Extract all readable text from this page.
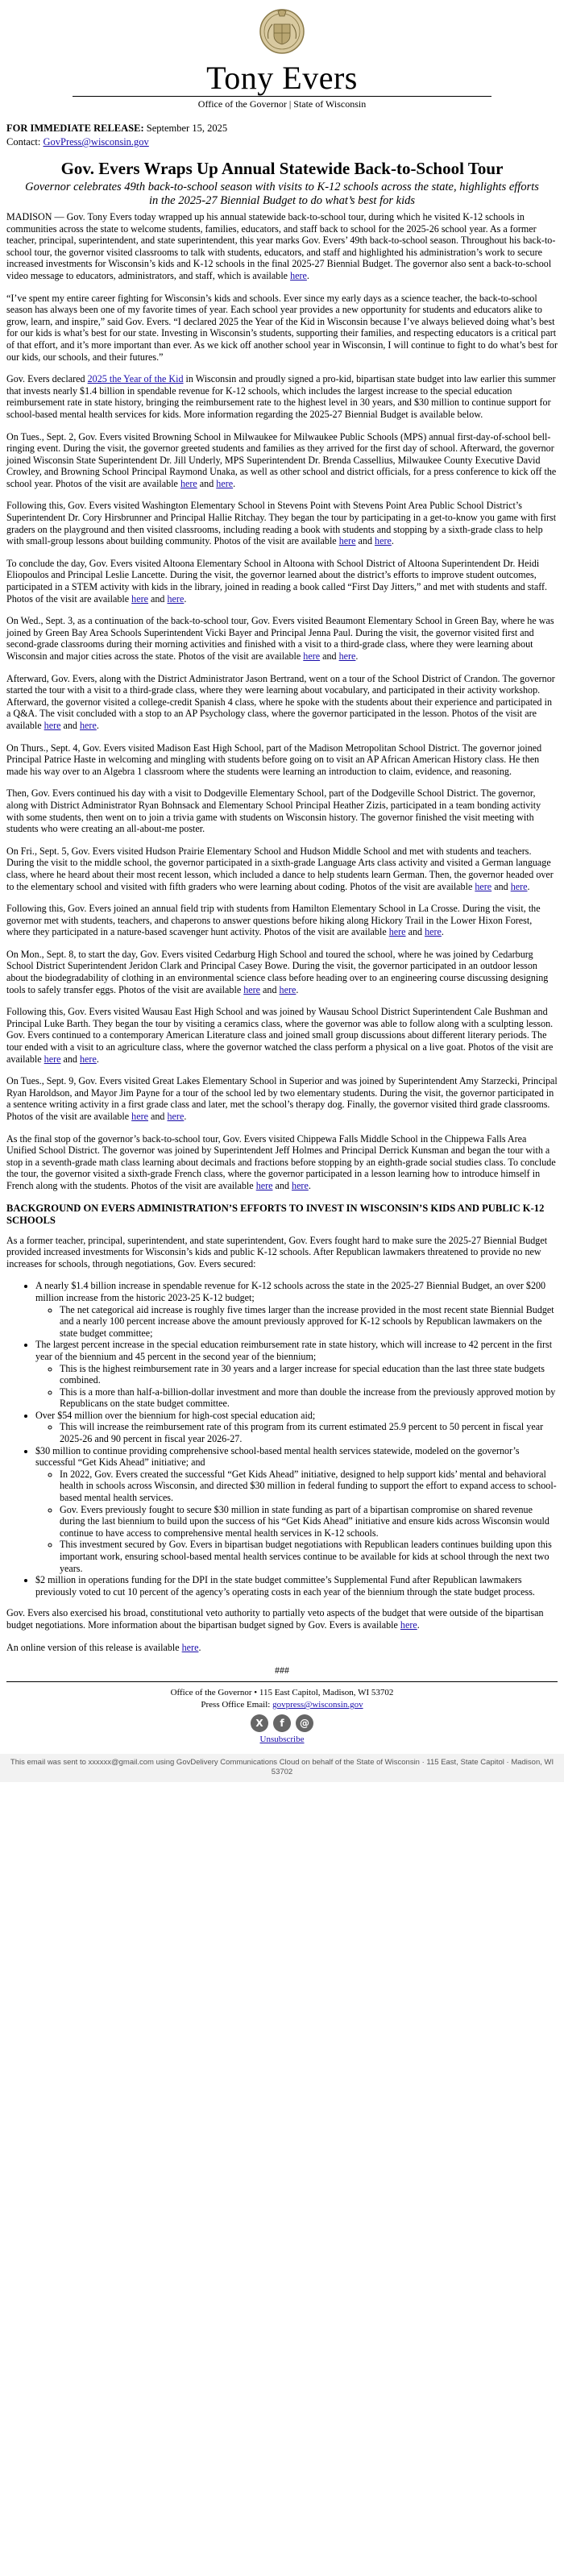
Tony Evers
Office of the Governor | State of Wisconsin
FOR IMMEDIATE RELEASE: September 15, 2025
Contact: GovPress@wisconsin.gov
Gov. Evers Wraps Up Annual Statewide Back-to-School Tour
Governor celebrates 49th back-to-school season with visits to K-12 schools across the state, highlights efforts in the 2025-27 Biennial Budget to do what’s best for kids

MADISON — Gov. Tony Evers today wrapped up his annual statewide back-to-school tour, during which he visited K-12 schools in communities across the state to welcome students, families, educators, and staff back to school for the 2025-26 school year. As a former teacher, principal, superintendent, and state superintendent, this year marks Gov. Evers’ 49th back-to-school season. Throughout his back-to-school tour, the governor visited classrooms to talk with students, educators, and staff and highlighted his administration’s work to secure increased investments for Wisconsin’s kids and K-12 schools in the final 2025-27 Biennial Budget. The governor also sent a back-to-school video message to educators, administrators, and staff, which is available here.

“I’ve spent my entire career fighting for Wisconsin’s kids and schools. Ever since my early days as a science teacher, the back-to-school season has always been one of my favorite times of year. Each school year provides a new opportunity for students and educators alike to grow, learn, and inspire,” said Gov. Evers. “I declared 2025 the Year of the Kid in Wisconsin because I’ve always believed doing what’s best for our kids is what’s best for our state. Investing in Wisconsin’s students, supporting their families, and respecting educators is a critical part of that effort, and it’s more important than ever. As we kick off another school year in Wisconsin, I will continue to fight to do what’s best for our kids, our schools, and their futures.”

Gov. Evers declared 2025 the Year of the Kid in Wisconsin and proudly signed a pro-kid, bipartisan state budget into law earlier this summer that invests nearly $1.4 billion in spendable revenue for K-12 schools, which includes the largest increase to the special education reimbursement rate in state history, bringing the reimbursement rate to the highest level in 30 years, and $30 million to continue support for school-based mental health services for kids. More information regarding the 2025-27 Biennial Budget is available below.

On Tues., Sept. 2, Gov. Evers visited Browning School in Milwaukee for Milwaukee Public Schools (MPS) annual first-day-of-school bell-ringing event. During the visit, the governor greeted students and families as they arrived for the first day of school. Afterward, the governor joined Wisconsin State Superintendent Dr. Jill Underly, MPS Superintendent Dr. Brenda Cassellius, Milwaukee County Executive David Crowley, and Browning School Principal Raymond Unaka, as well as other school and district officials, for a press conference to kick off the school year. Photos of the visit are available here and here.

Following this, Gov. Evers visited Washington Elementary School in Stevens Point with Stevens Point Area Public School District’s Superintendent Dr. Cory Hirsbrunner and Principal Hallie Ritchay. They began the tour by participating in a get-to-know you game with first graders on the playground and then visited classrooms, including reading a book with students and stopping by a sixth-grade class to help with small-group lessons about building community. Photos of the visit are available here and here.

To conclude the day, Gov. Evers visited Altoona Elementary School in Altoona with School District of Altoona Superintendent Dr. Heidi Eliopoulos and Principal Leslie Lancette. During the visit, the governor learned about the district’s efforts to improve student outcomes, participated in a STEM activity with kids in the library, joined in reading a book called “First Day Jitters,” and met with students and staff. Photos of the visit are available here and here.

On Wed., Sept. 3, as a continuation of the back-to-school tour, Gov. Evers visited Beaumont Elementary School in Green Bay, where he was joined by Green Bay Area Schools Superintendent Vicki Bayer and Principal Jenna Paul. During the visit, the governor visited first and second-grade classrooms during their morning activities and finished with a visit to a third-grade class, where they were learning about Wisconsin and major cities across the state. Photos of the visit are available here and here.

Afterward, Gov. Evers, along with the District Administrator Jason Bertrand, went on a tour of the School District of Crandon. The governor started the tour with a visit to a third-grade class, where they were learning about vocabulary, and participated in their activity workshop. Afterward, the governor visited a college-credit Spanish 4 class, where he spoke with the students about their experience and participated in a Q&A. The visit concluded with a stop to an AP Psychology class, where the governor participated in the lesson. Photos of the visit are available here and here.

On Thurs., Sept. 4, Gov. Evers visited Madison East High School, part of the Madison Metropolitan School District. The governor joined Principal Patrice Haste in welcoming and mingling with students before going on to visit an AP African American History class. He then made his way over to an Algebra 1 classroom where the students were learning an introduction to claim, evidence, and reasoning.

Then, Gov. Evers continued his day with a visit to Dodgeville Elementary School, part of the Dodgeville School District. The governor, along with District Administrator Ryan Bohnsack and Elementary School Principal Heather Zizis, participated in a team bonding activity with some students, then went on to join a trivia game with students on Wisconsin history. The governor finished the visit meeting with students who were creating an all-about-me poster.

On Fri., Sept. 5, Gov. Evers visited Hudson Prairie Elementary School and Hudson Middle School and met with students and teachers. During the visit to the middle school, the governor participated in a sixth-grade Language Arts class activity and visited a German language class, where he heard about their most recent lesson, which included a dance to help students learn German. Then, the governor headed over to the elementary school and visited with fifth graders who were learning about coding. Photos of the visit are available here and here.

Following this, Gov. Evers joined an annual field trip with students from Hamilton Elementary School in La Crosse. During the visit, the governor met with students, teachers, and chaperons to answer questions before hiking along Hickory Trail in the Lower Hixon Forest, where they participated in a nature-based scavenger hunt activity. Photos of the visit are available here and here.

On Mon., Sept. 8, to start the day, Gov. Evers visited Cedarburg High School and toured the school, where he was joined by Cedarburg School District Superintendent Jeridon Clark and Principal Casey Bowe. During the visit, the governor participated in an outdoor lesson about the biodegradability of clothing in an environmental science class before heading over to an engineering course discussing designing tools to safely transfer eggs. Photos of the visit are available here and here.

Following this, Gov. Evers visited Wausau East High School and was joined by Wausau School District Superintendent Cale Bushman and Principal Luke Barth. They began the tour by visiting a ceramics class, where the governor was able to follow along with a sculpting lesson. Gov. Evers continued to a contemporary American Literature class and joined small group discussions about different literary periods. The tour ended with a visit to an agriculture class, where the governor watched the class perform a physical on a live goat. Photos of the visit are available here and here.

On Tues., Sept. 9, Gov. Evers visited Great Lakes Elementary School in Superior and was joined by Superintendent Amy Starzecki, Principal Ryan Haroldson, and Mayor Jim Payne for a tour of the school led by two elementary students. During the visit, the governor participated in a sentence writing activity in a first grade class and later, met the school’s therapy dog. Finally, the governor visited third grade classrooms. Photos of the visit are available here and here.

As the final stop of the governor’s back-to-school tour, Gov. Evers visited Chippewa Falls Middle School in the Chippewa Falls Area Unified School District. The governor was joined by Superintendent Jeff Holmes and Principal Derrick Kunsman and began the tour with a stop in a seventh-grade math class learning about decimals and fractions before stopping by an eighth-grade social studies class. To conclude the tour, the governor visited a sixth-grade French class, where the governor participated in a lesson learning how to introduce himself in French along with the students. Photos of the visit are available here and here.

BACKGROUND ON EVERS ADMINISTRATION’S EFFORTS TO INVEST IN WISCONSIN’S KIDS AND PUBLIC K-12 SCHOOLS

As a former teacher, principal, superintendent, and state superintendent, Gov. Evers fought hard to make sure the 2025-27 Biennial Budget provided increased investments for Wisconsin’s kids and public K-12 schools. After Republican lawmakers threatened to provide no new increases for schools, through negotiations, Gov. Evers secured:

• A nearly $1.4 billion increase in spendable revenue for K-12 schools across the state in the 2025-27 Biennial Budget, an over $200 million increase from the historic 2023-25 K-12 budget;
◦ The net categorical aid increase is roughly five times larger than the increase provided in the most recent state Biennial Budget and a nearly 100 percent increase above the amount previously approved for K-12 schools by Republican lawmakers on the state budget committee;
• The largest percent increase in the special education reimbursement rate in state history, which will increase to 42 percent in the first year of the biennium and 45 percent in the second year of the biennium;
◦ This is the highest reimbursement rate in 30 years and a larger increase for special education than the last three state budgets combined.
◦ This is a more than half-a-billion-dollar investment and more than double the increase from the previously approved motion by Republicans on the state budget committee.
• Over $54 million over the biennium for high-cost special education aid;
◦ This will increase the reimbursement rate of this program from its current estimated 25.9 percent to 50 percent in fiscal year 2025-26 and 90 percent in fiscal year 2026-27.
• $30 million to continue providing comprehensive school-based mental health services statewide, modeled on the governor’s successful “Get Kids Ahead” initiative; and
◦ In 2022, Gov. Evers created the successful “Get Kids Ahead” initiative, designed to help support kids’ mental and behavioral health in schools across Wisconsin, and directed $30 million in federal funding to support the effort to expand access to school-based mental health services.
◦ Gov. Evers previously fought to secure $30 million in state funding as part of a bipartisan compromise on shared revenue during the last biennium to build upon the success of his “Get Kids Ahead” initiative and ensure kids across Wisconsin would continue to have access to comprehensive mental health services in K-12 schools.
◦ This investment secured by Gov. Evers in bipartisan budget negotiations with Republican leaders continues building upon this important work, ensuring school-based mental health services continue to be available for kids at school through the next two years.
• $2 million in operations funding for the DPI in the state budget committee’s Supplemental Fund after Republican lawmakers previously voted to cut 10 percent of the agency’s operating costs in each year of the biennium through the state budget process.

Gov. Evers also exercised his broad, constitutional veto authority to partially veto aspects of the budget that were outside of the bipartisan budget negotiations. More information about the bipartisan budget signed by Gov. Evers is available here.

An online version of this release is available here.

###
Office of the Governor • 115 East Capitol, Madison, WI 53702
Press Office Email: govpress@wisconsin.gov
X	f	@
Unsubscribe
This email was sent to xxxxxx@gmail.com using GovDelivery Communications Cloud on behalf of the State of Wisconsin · 115 East, State Capitol · Madison, WI 53702
